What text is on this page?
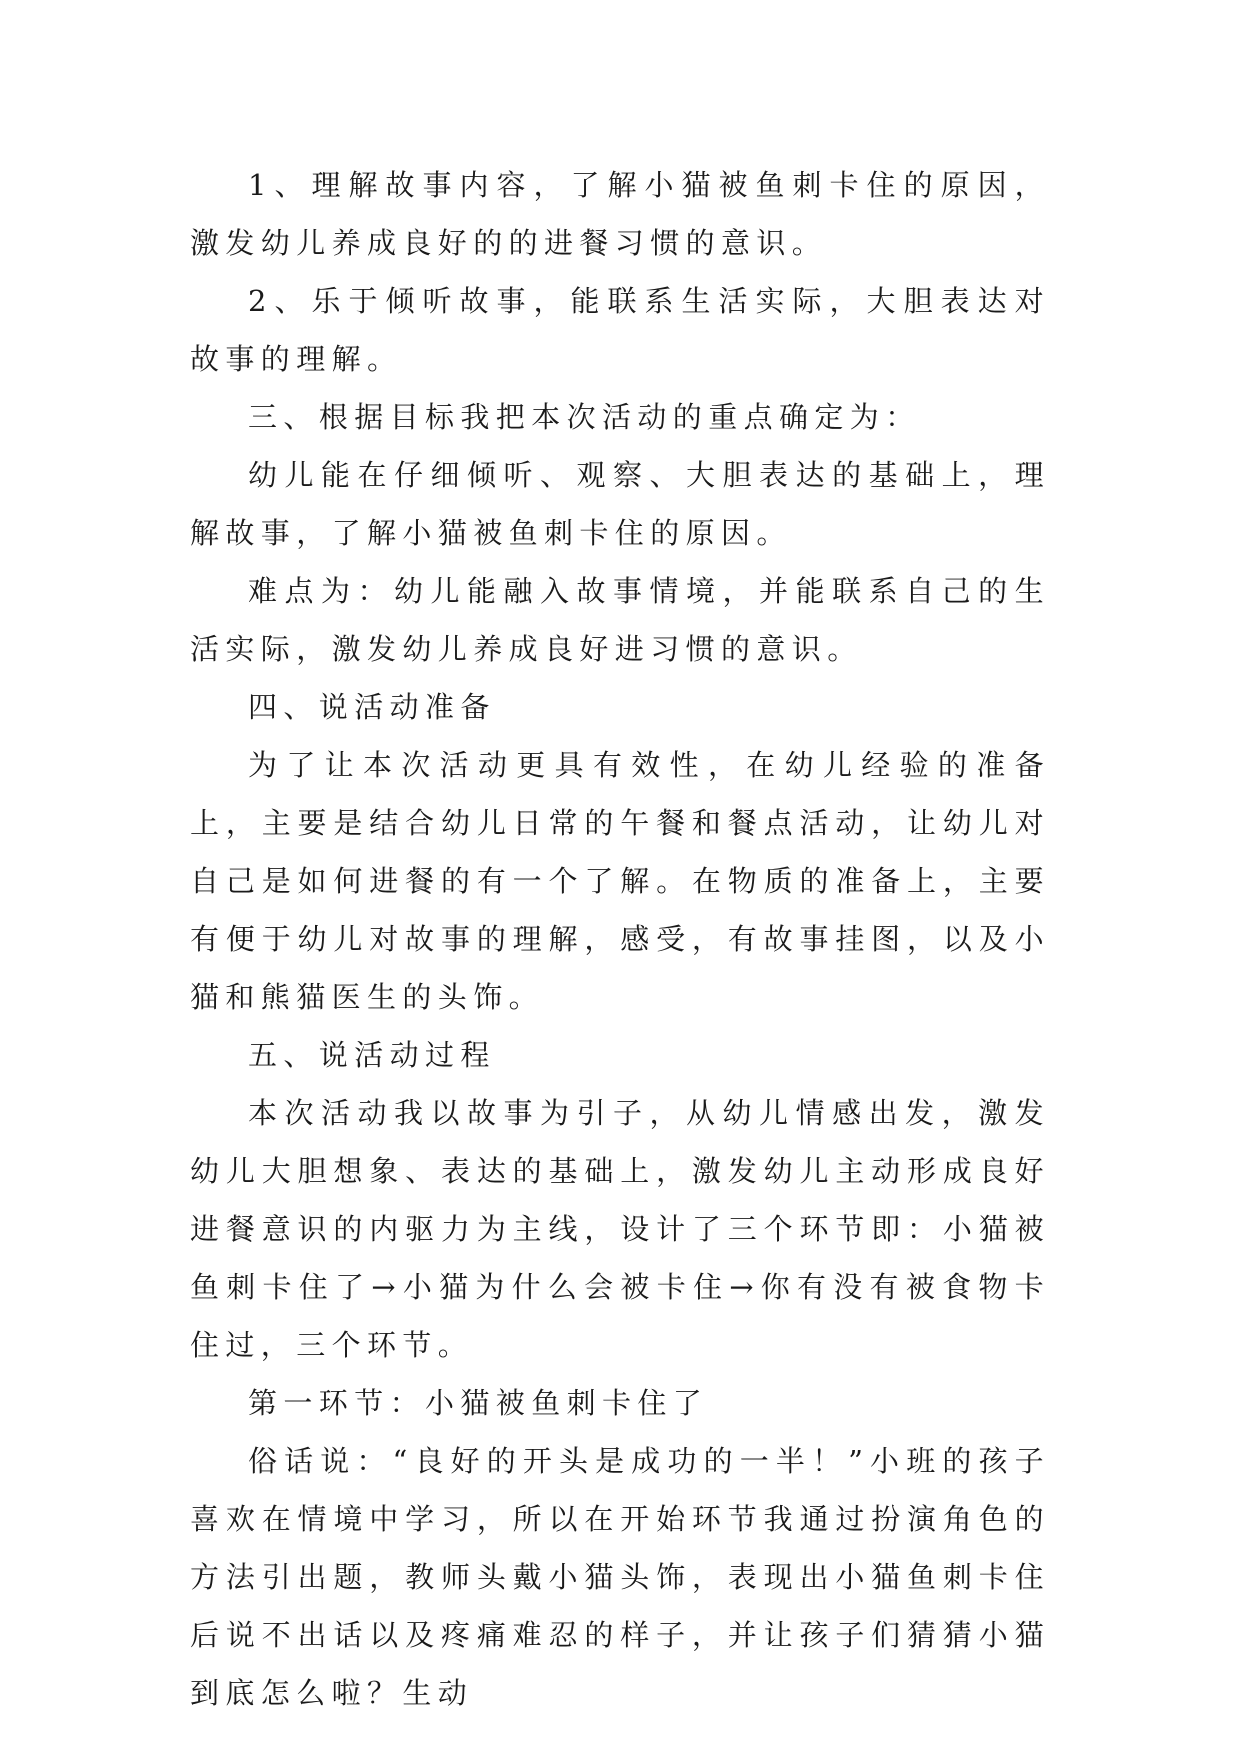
1、理解故事内容，了解小猫被鱼刺卡住的原因，激发幼儿养成良好的的进餐习惯的意识。

2、乐于倾听故事，能联系生活实际，大胆表达对故事的理解。

三、根据目标我把本次活动的重点确定为：

幼儿能在仔细倾听、观察、大胆表达的基础上，理解故事，了解小猫被鱼刺卡住的原因。

难点为：幼儿能融入故事情境，并能联系自己的生活实际，激发幼儿养成良好进习惯的意识。

四、说活动准备

为了让本次活动更具有效性，在幼儿经验的准备上，主要是结合幼儿日常的午餐和餐点活动，让幼儿对自己是如何进餐的有一个了解。在物质的准备上，主要有便于幼儿对故事的理解，感受，有故事挂图，以及小猫和熊猫医生的头饰。

五、说活动过程

本次活动我以故事为引子，从幼儿情感出发，激发幼儿大胆想象、表达的基础上，激发幼儿主动形成良好进餐意识的内驱力为主线，设计了三个环节即：小猫被鱼刺卡住了→小猫为什么会被卡住→你有没有被食物卡住过，三个环节。

第一环节：小猫被鱼刺卡住了

俗话说：“良好的开头是成功的一半！”小班的孩子喜欢在情境中学习，所以在开始环节我通过扮演角色的方法引出题，教师头戴小猫头饰，表现出小猫鱼刺卡住后说不出话以及疼痛难忍的样子，并让孩子们猜猜小猫到底怎么啦？生动
